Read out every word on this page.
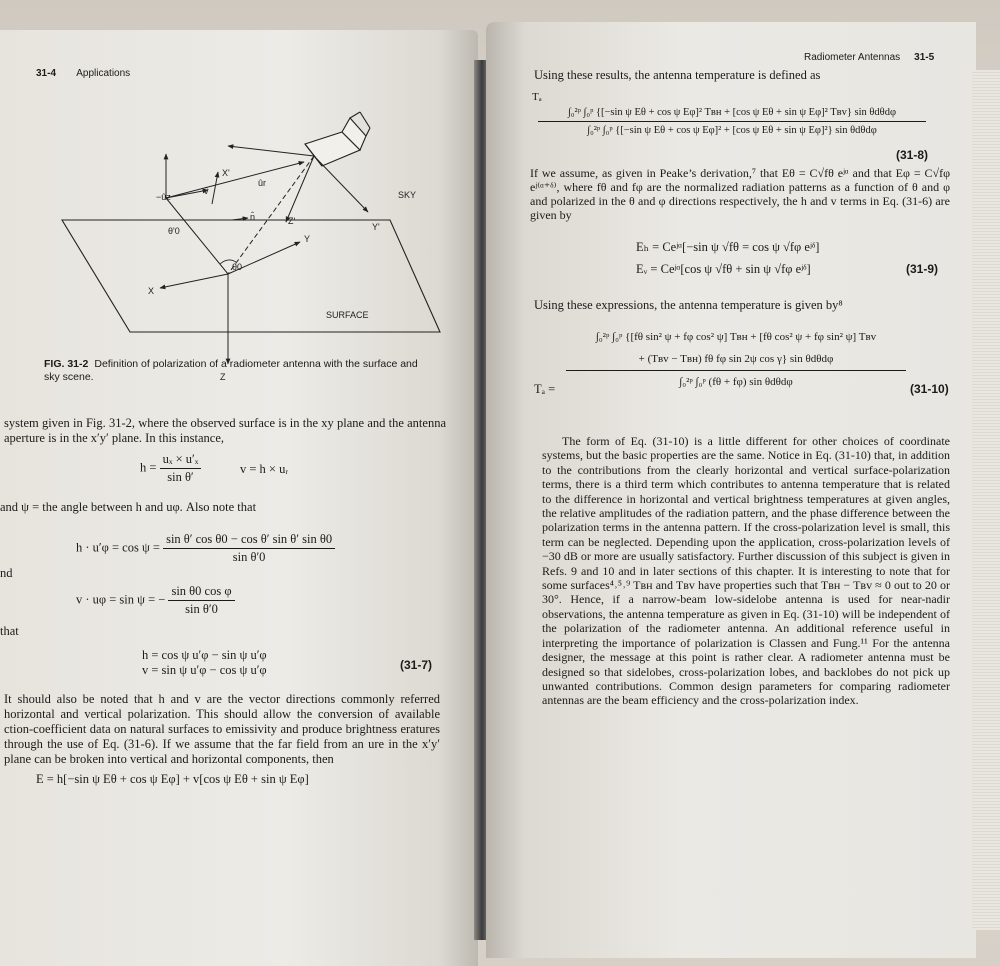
31-4 Applications
X'
Y'
Z'
X
Y
Z
−ûz
v̂
ûr
n̂
θ'0
θ0
SKY
SURFACE
FIG. 31-2 Definition of polarization of a radiometer antenna with the surface and sky scene.
system given in Fig. 31-2, where the observed surface is in the xy plane and the antenna aperture is in the x′y′ plane. In this instance,
$h = \frac{\text{uₓ × u′ₓ}}{\text{sin θ′}}$	v = h × uᵣ
and ψ = the angle between h and uφ. Also note that
$h \cdot u'\varphi = \cos \psi = \frac{\text{sin θ′ cos θ0 − cos θ′ sin θ′ sin θ0}}{\text{sin θ′0}}$
nd
v · uφ = sin ψ = − $\frac{\text{sin θ0 cos φ}}{\text{sin θ′0}}$
that
h = cos ψ u′φ − sin ψ u′φ
v = sin ψ u′φ − cos ψ u′φ	(31-7)
It should also be noted that h and v are the vector directions commonly referred horizontal and vertical polarization. This should allow the conversion of available ction-coefficient data on natural surfaces to emissivity and produce brightness eratures through the use of Eq. (31-6). If we assume that the far field from an ure in the x′y′ plane can be broken into vertical and horizontal components, then
E = h[−sin ψ Eθ + cos ψ Eφ] + v[cos ψ Eθ + sin ψ Eφ]
Radiometer Antennas 31-5
Using these results, the antenna temperature is defined as
Tₐ
∫₀²ᵖ ∫₀ᵖ {[−sin ψ Eθ + cos ψ Eφ]² Tʙʜ + [cos ψ Eθ + sin ψ Eφ]² Tʙᴠ} sin θdθdφ
∫₀²ᵖ ∫₀ᵖ {[−sin ψ Eθ + cos ψ Eφ]² + [cos ψ Eθ + sin ψ Eφ]²} sin θdθdφ
(31-8)
If we assume, as given in Peake’s derivation,⁷ that Eθ = C√fθ eʲᵅ and that Eφ = C√fφ eʲ⁽ᵅ⁺ᵟ⁾, where fθ and fφ are the normalized radiation patterns as a function of θ and φ and polarized in the θ and φ directions respectively, the h and v terms in Eq. (31-6) are given by
Eₕ = Ceʲᵅ[−sin ψ √fθ = cos ψ √fφ eʲᵟ]
Eᵥ = Ceʲᵅ[cos ψ √fθ + sin ψ √fφ eʲᵟ]	(31-9)
Using these expressions, the antenna temperature is given by⁸
Tₐ =
∫₀²ᵖ ∫₀ᵖ {[fθ sin² ψ + fφ cos² ψ] Tʙʜ + [fθ cos² ψ + fφ sin² ψ] Tʙᴠ
+ (Tʙᴠ − Tʙʜ) fθ fφ sin 2ψ cos γ} sin θdθdφ
∫₀²ᵖ ∫₀ᵖ (fθ + fφ) sin θdθdφ	(31-10)
The form of Eq. (31-10) is a little different for other choices of coordinate systems, but the basic properties are the same. Notice in Eq. (31-10) that, in addition to the contributions from the clearly horizontal and vertical surface-polarization terms, there is a third term which contributes to antenna temperature that is related to the difference in horizontal and vertical brightness temperatures at given angles, the relative amplitudes of the radiation pattern, and the phase difference between the polarization terms in the antenna pattern. If the cross-polarization level is small, this term can be neglected. Depending upon the application, cross-polarization levels of −30 dB or more are usually satisfactory. Further discussion of this subject is given in Refs. 9 and 10 and in later sections of this chapter. It is interesting to note that for some surfaces⁴˒⁵˒⁹ Tʙʜ and Tʙᴠ have properties such that Tʙʜ − Tʙᴠ ≈ 0 out to 20 or 30°. Hence, if a narrow-beam low-sidelobe antenna is used for near-nadir observations, the antenna temperature as given in Eq. (31-10) will be independent of the polarization of the radiometer antenna. An additional reference useful in interpreting the importance of polarization is Classen and Fung.¹¹ For the antenna designer, the message at this point is rather clear. A radiometer antenna must be designed so that sidelobes, cross-polarization lobes, and backlobes do not pick up unwanted contributions. Common design parameters for comparing radiometer antennas are the beam efficiency and the cross-polarization index.
